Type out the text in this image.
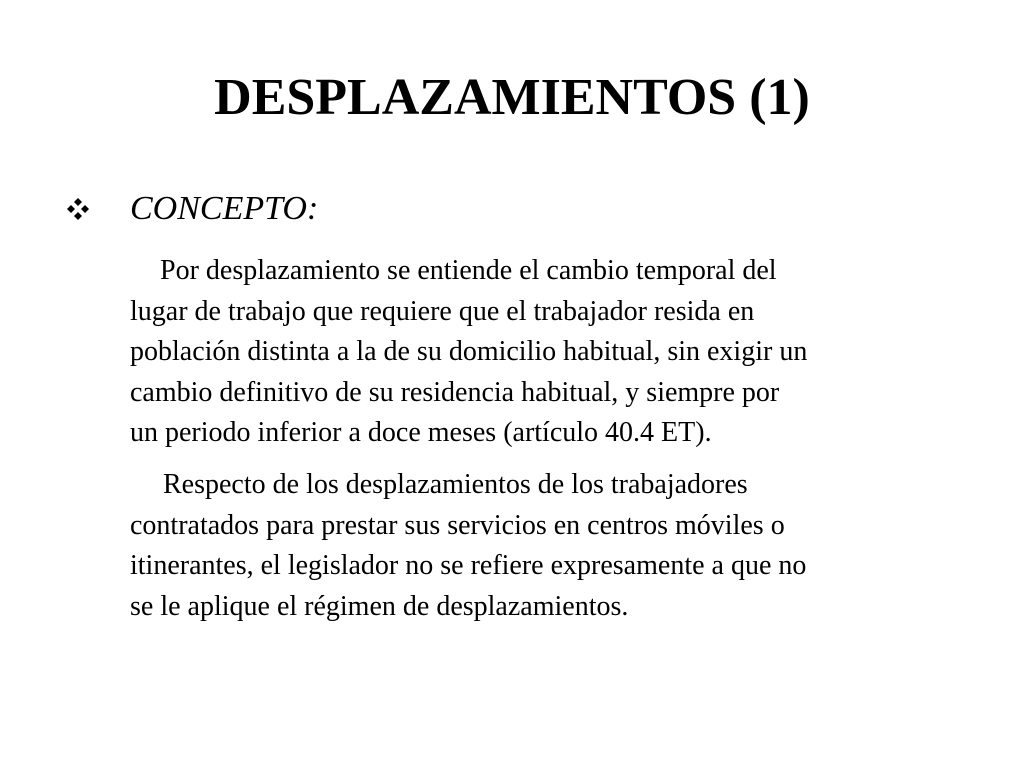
DESPLAZAMIENTOS (1)
CONCEPTO:

Por desplazamiento se entiende el cambio temporal del
lugar de trabajo que requiere que el trabajador resida en
población distinta a la de su domicilio habitual, sin exigir un
cambio definitivo de su residencia habitual, y siempre por
un periodo inferior a doce meses (artículo 40.4 ET).

Respecto de los desplazamientos de los trabajadores
contratados para prestar sus servicios en centros móviles o
itinerantes, el legislador no se refiere expresamente a que no
se le aplique el régimen de desplazamientos.
